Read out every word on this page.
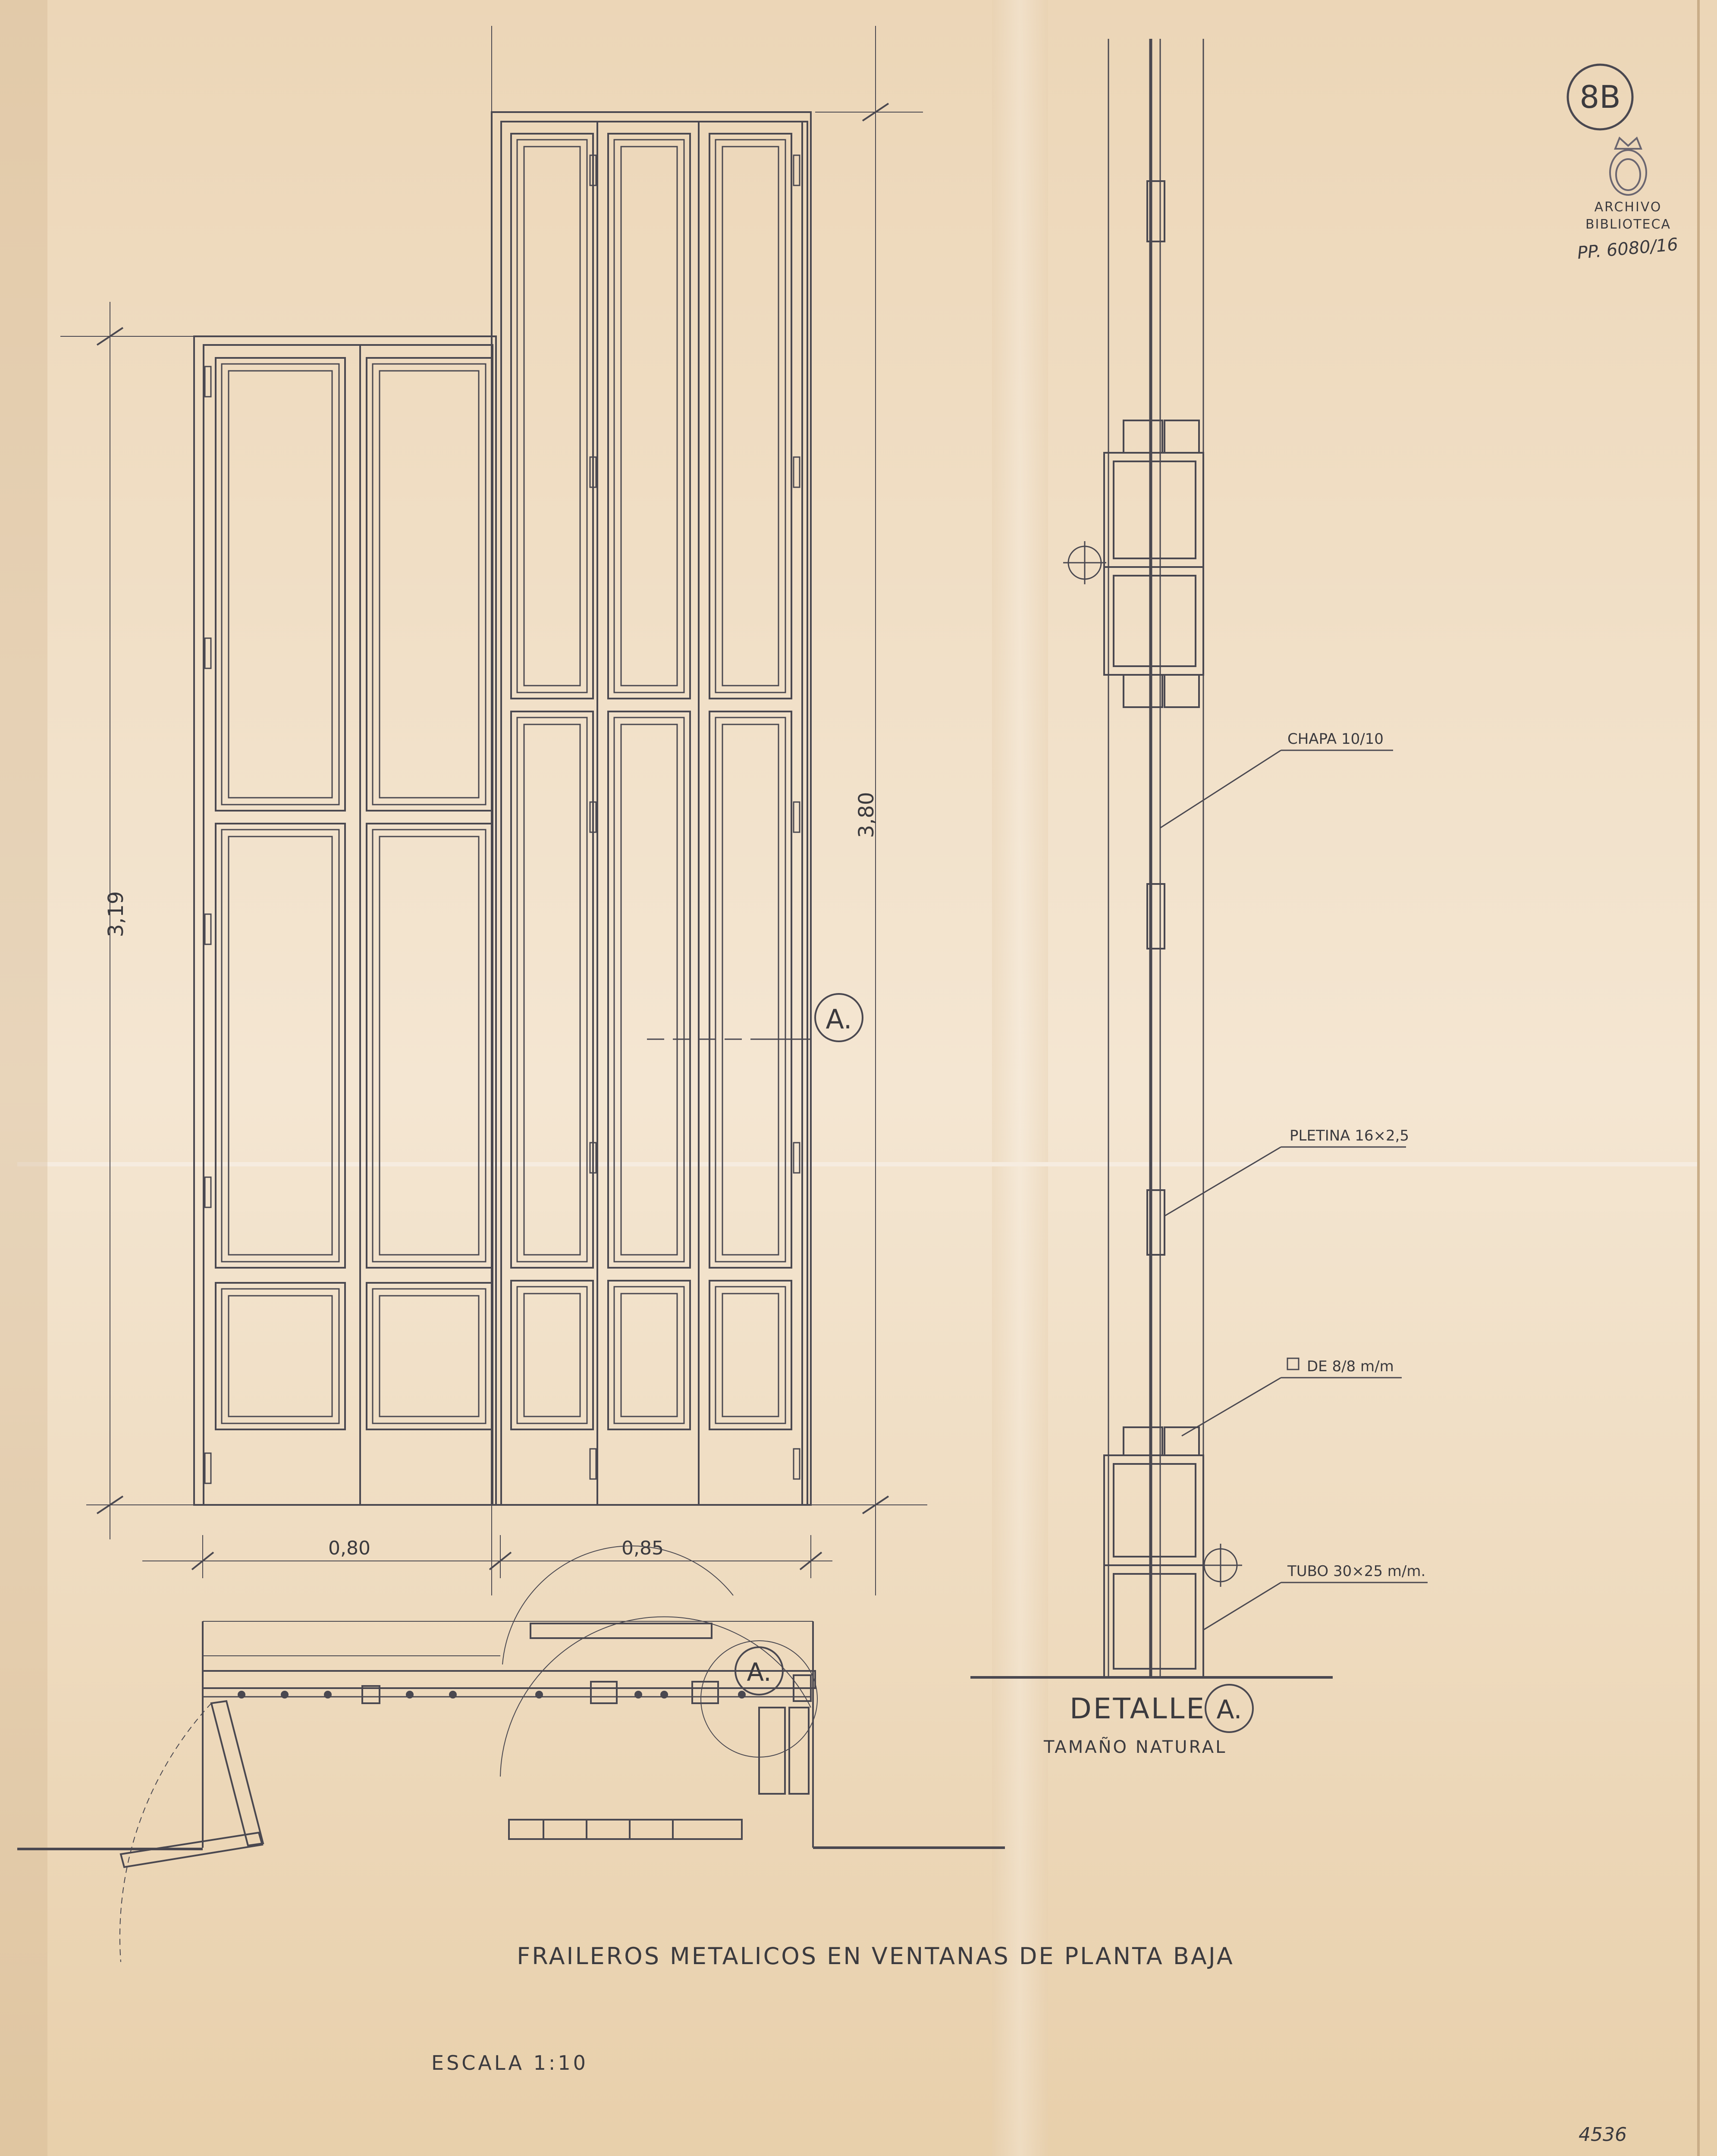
A.
3,19
3,80
0,80	0,85
A.
CHAPA 10/10
PLETINA 16×2,5
DE 8/8 m/m
TUBO 30×25 m/m.
DETALLE A.
TAMAÑO NATURAL
FRAILEROS METALICOS EN VENTANAS DE PLANTA BAJA
ESCALA 1:10
4536
8B
ARCHIVO
BIBLIOTECA
PP. 6080/16
